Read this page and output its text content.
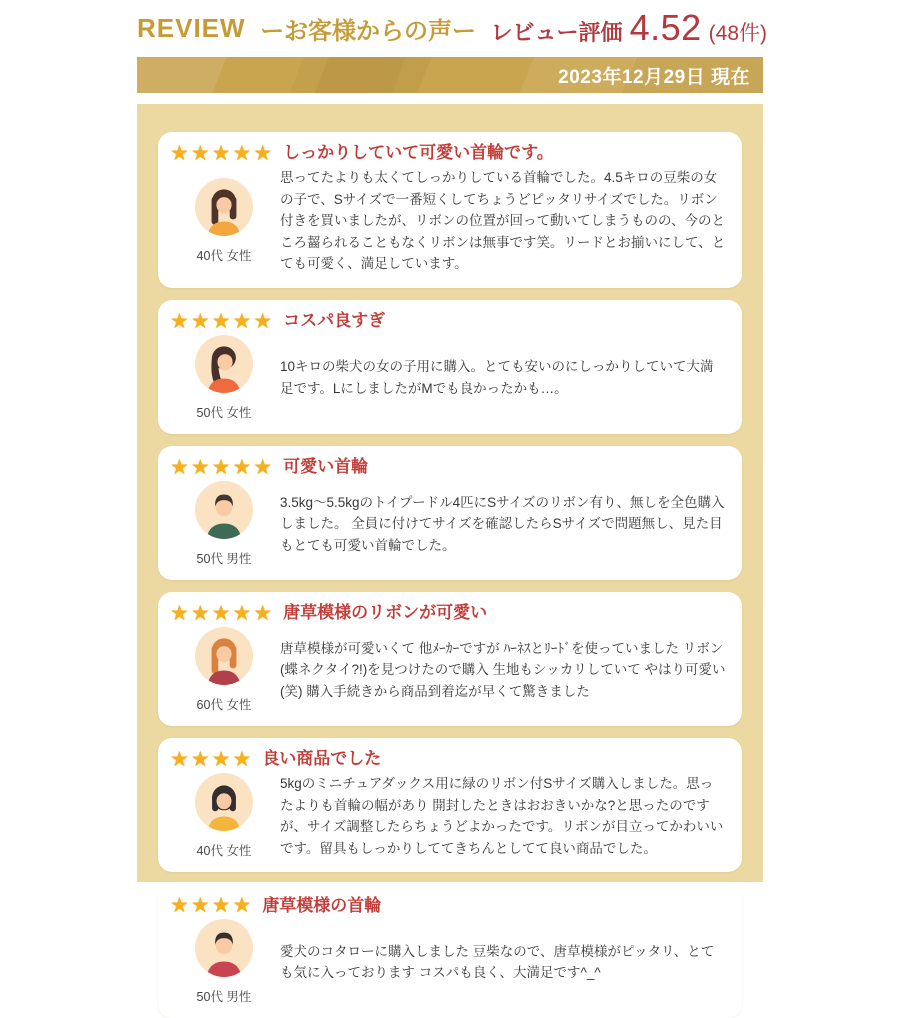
REVIEW ーお客様からの声ー レビュー評価 4.52 (48件)
2023年12月29日 現在
★★★★★ しっかりしていて可愛い首輪です。
40代 女性

思ってたよりも太くてしっかりしている首輪でした。4.5キロの豆柴の女の子で、Sサイズで一番短くしてちょうどピッタリサイズでした。リボン付きを買いましたが、リボンの位置が回って動いてしまうものの、今のところ齧られることもなくリボンは無事です笑。リードとお揃いにして、とても可愛く、満足しています。

★★★★★ コスパ良すぎ
50代 女性

10キロの柴犬の女の子用に購入。とても安いのにしっかりしていて大満足です。LにしましたがMでも良かったかも…。

★★★★★ 可愛い首輪
50代 男性

3.5kg〜5.5kgのトイプードル4匹にSサイズのリボン有り、無しを全色購入しました。 全員に付けてサイズを確認したらSサイズで問題無し、見た目もとても可愛い首輪でした。

★★★★★ 唐草模様のリボンが可愛い
60代 女性

唐草模様が可愛いくて 他ﾒｰｶｰですが ﾊｰﾈｽとﾘｰﾄﾞを使っていました リボン(蝶ネクタイ?!)を見つけたので購入 生地もシッカリしていて やはり可愛い(笑) 購入手続きから商品到着迄が早くて驚きました

★★★★ 良い商品でした
40代 女性

5kgのミニチュアダックス用に緑のリボン付Sサイズ購入しました。思ったよりも首輪の幅があり 開封したときはおおきいかな?と思ったのですが、サイズ調整したらちょうどよかったです。リボンが目立ってかわいいです。留具もしっかりしててきちんとしてて良い商品でした。

★★★★ 唐草模様の首輪
50代 男性

愛犬のコタローに購入しました 豆柴なので、唐草模様がピッタリ、とても気に入っております コスパも良く、大満足です^_^
